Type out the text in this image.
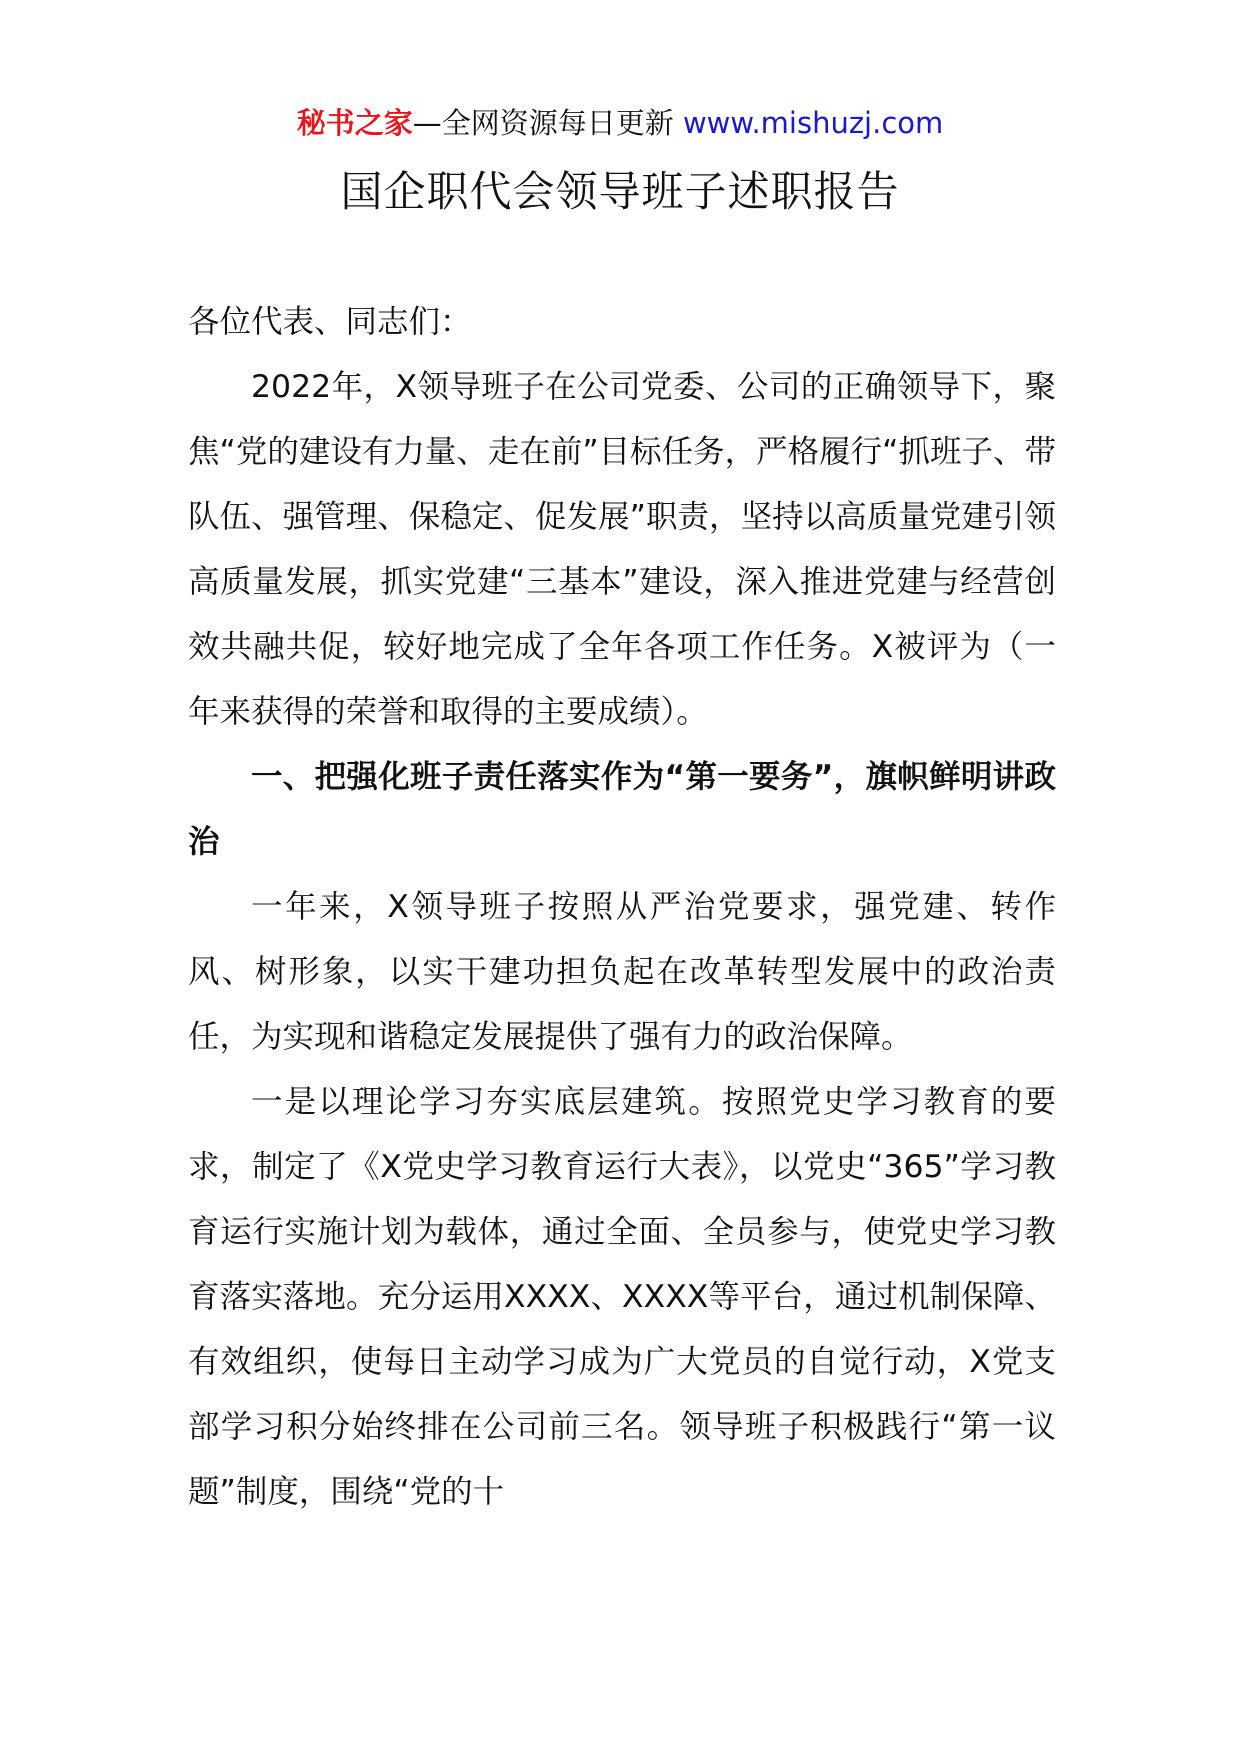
秘书之家—全网资源每日更新 www.mishuzj.com
国企职代会领导班子述职报告

各位代表、同志们：

2022年，X领导班子在公司党委、公司的正确领导下，聚焦“党的建设有力量、走在前”目标任务，严格履行“抓班子、带队伍、强管理、保稳定、促发展”职责，坚持以高质量党建引领高质量发展，抓实党建“三基本”建设，深入推进党建与经营创效共融共促，较好地完成了全年各项工作任务。X被评为（一年来获得的荣誉和取得的主要成绩）。

一、把强化班子责任落实作为“第一要务”，旗帜鲜明讲政治

一年来，X领导班子按照从严治党要求，强党建、转作风、树形象，以实干建功担负起在改革转型发展中的政治责任，为实现和谐稳定发展提供了强有力的政治保障。

一是以理论学习夯实底层建筑。按照党史学习教育的要求，制定了《X党史学习教育运行大表》，以党史“365”学习教育运行实施计划为载体，通过全面、全员参与，使党史学习教育落实落地。充分运用XXXX、XXXX等平台，通过机制保障、有效组织，使每日主动学习成为广大党员的自觉行动，X党支部学习积分始终排在公司前三名。领导班子积极践行“第一议题”制度，围绕“党的十
